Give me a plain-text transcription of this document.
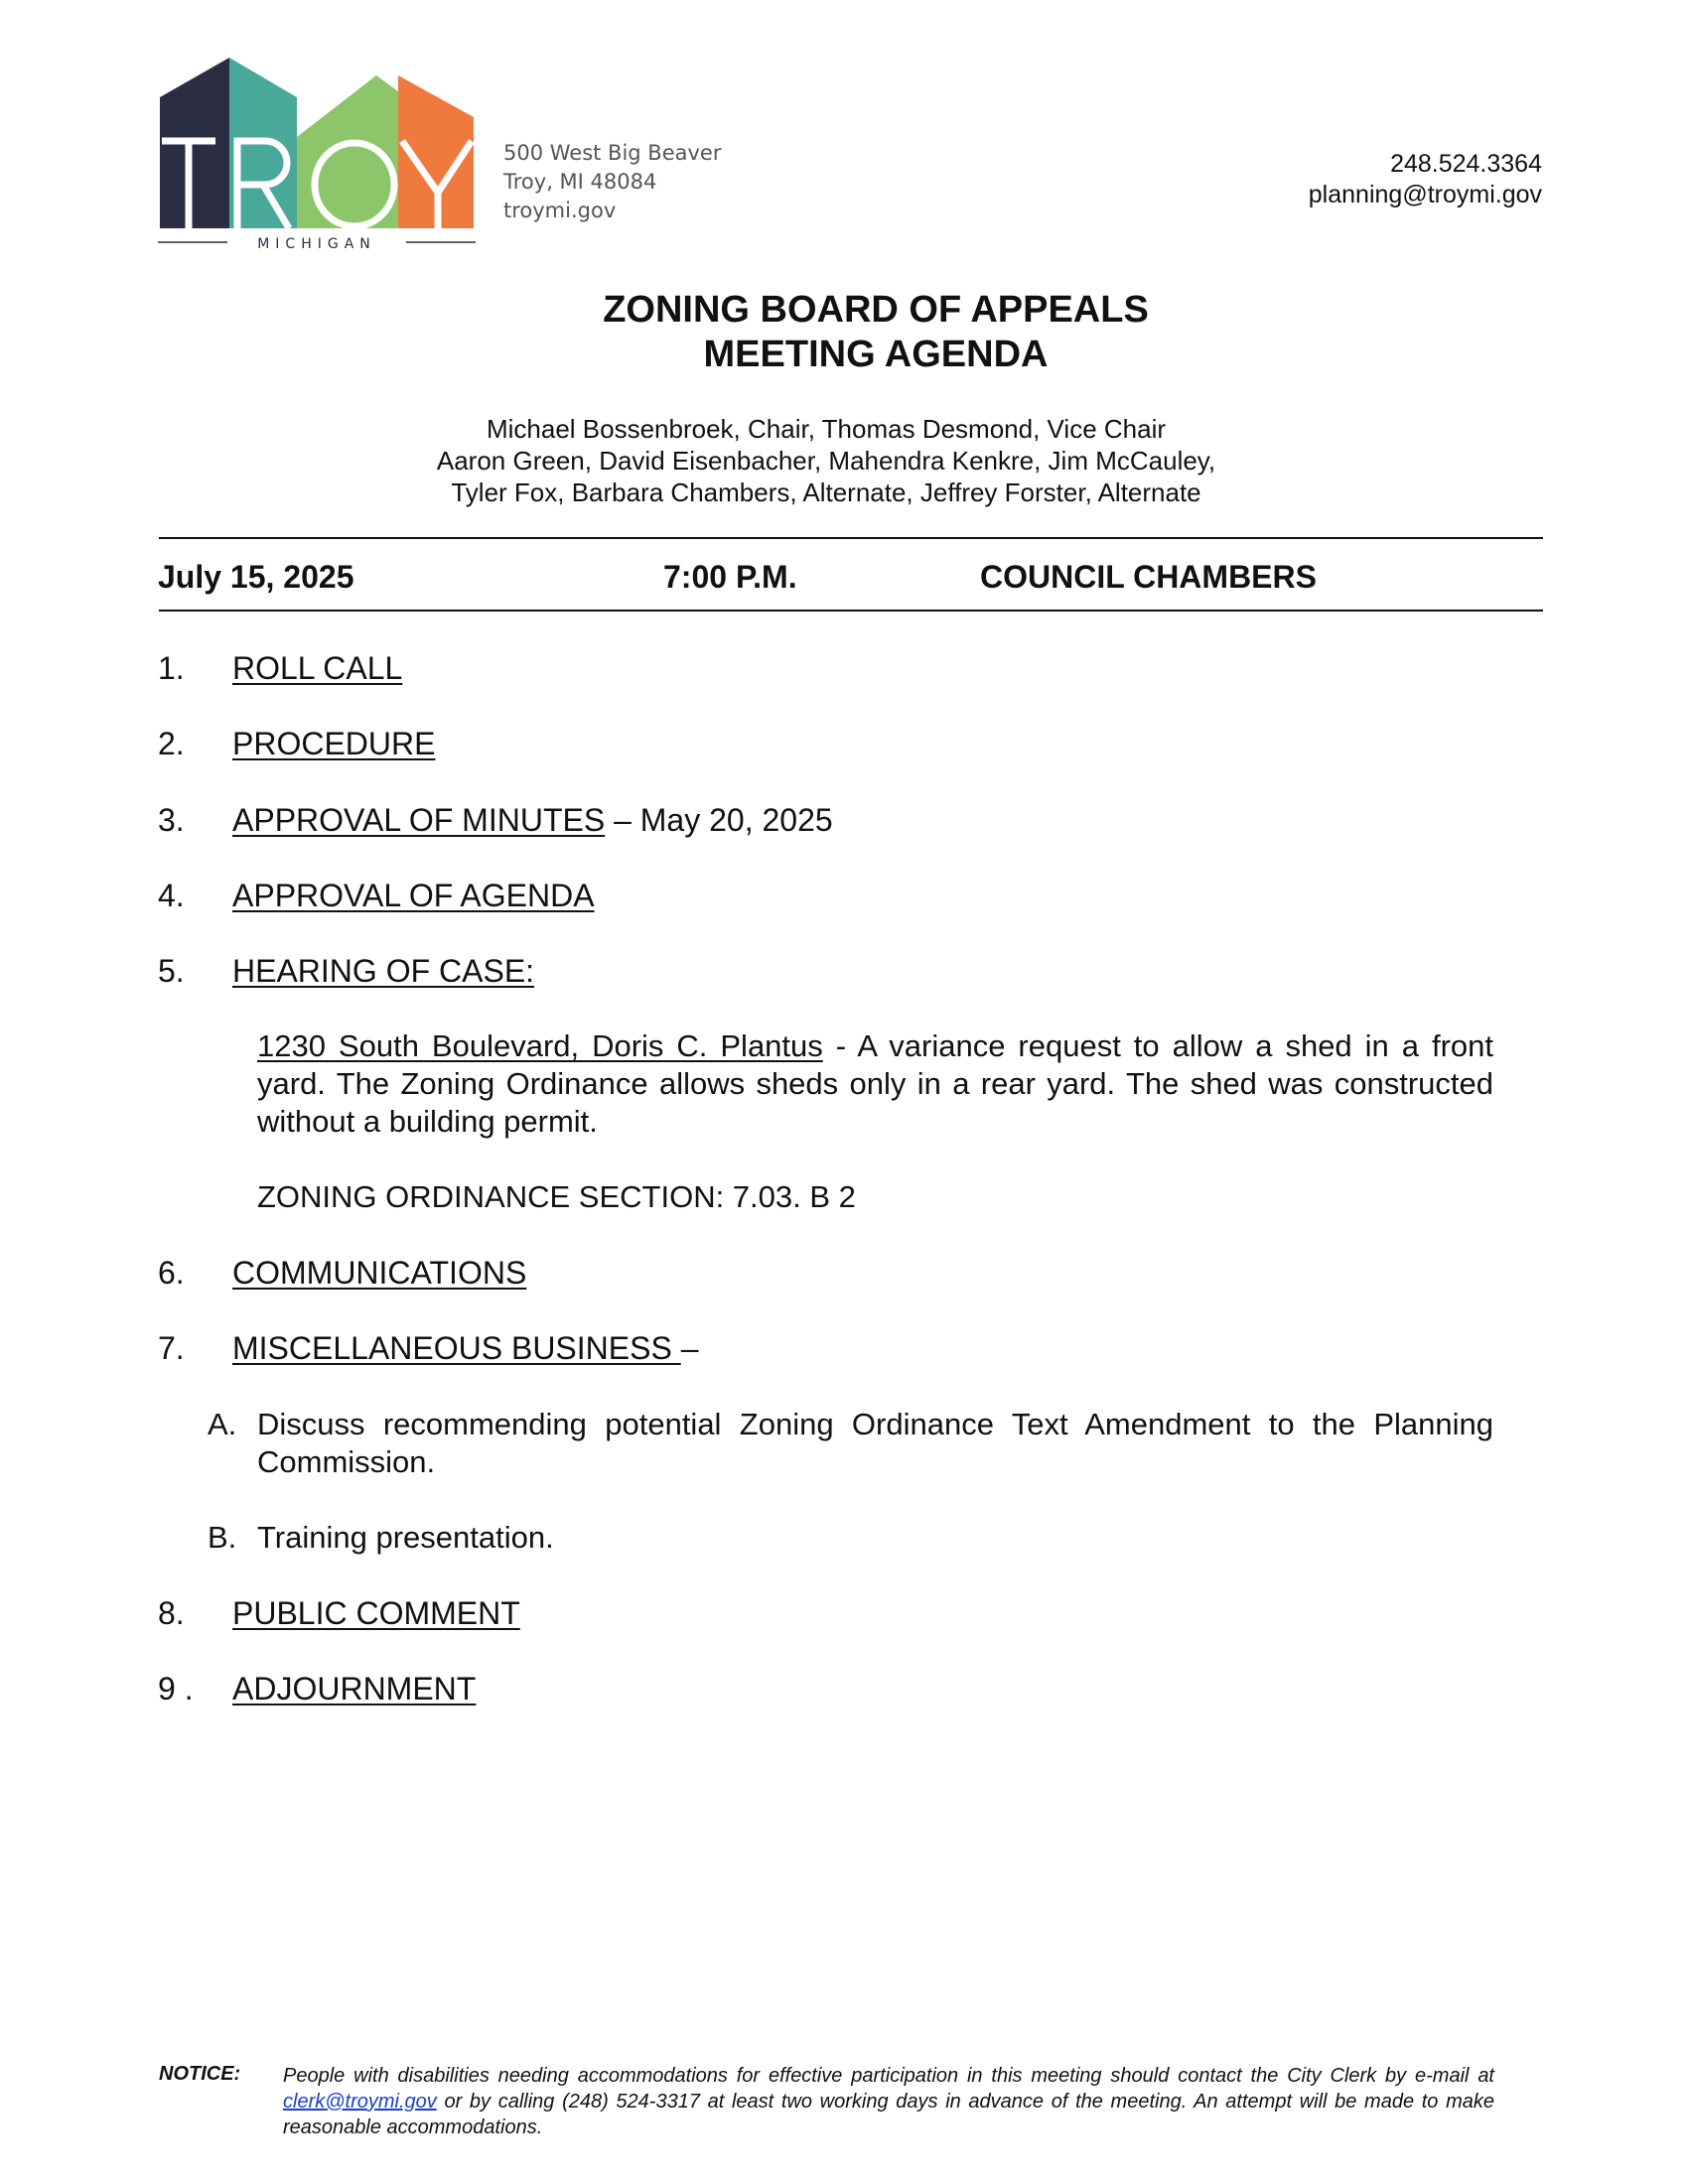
MICHIGAN
500 West Big Beaver
Troy, MI 48084
troymi.gov
248.524.3364
planning@troymi.gov
ZONING BOARD OF APPEALS
MEETING AGENDA
Michael Bossenbroek, Chair, Thomas Desmond, Vice Chair
Aaron Green, David Eisenbacher, Mahendra Kenkre, Jim McCauley,
Tyler Fox, Barbara Chambers, Alternate, Jeffrey Forster, Alternate
July 15, 2025	7:00 P.M.	COUNCIL CHAMBERS
1. ROLL CALL
2. PROCEDURE
3. APPROVAL OF MINUTES – May 20, 2025
4. APPROVAL OF AGENDA
5. HEARING OF CASE:
1230 South Boulevard, Doris C. Plantus - A variance request to allow a shed in a front yard. The Zoning Ordinance allows sheds only in a rear yard. The shed was constructed without a building permit.
ZONING ORDINANCE SECTION: 7.03. B 2
6. COMMUNICATIONS
7. MISCELLANEOUS BUSINESS –
A. Discuss recommending potential Zoning Ordinance Text Amendment to the Planning Commission.
B. Training presentation.
8. PUBLIC COMMENT
9 . ADJOURNMENT
NOTICE: People with disabilities needing accommodations for effective participation in this meeting should contact the City Clerk by e-mail at clerk@troymi.gov or by calling (248) 524-3317 at least two working days in advance of the meeting. An attempt will be made to make reasonable accommodations.
